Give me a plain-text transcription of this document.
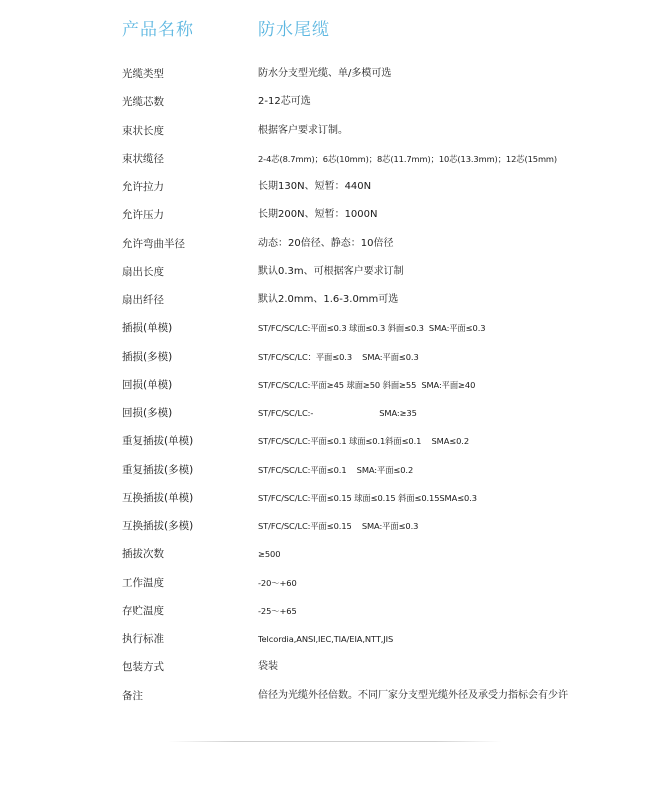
产品名称	防水尾缆
光缆类型	防水分支型光缆、单/多模可选
光缆芯数	2-12芯可选
束状长度	根据客户要求订制。
束状缆径	2-4芯(8.7mm)；6芯(10mm)；8芯(11.7mm)；10芯(13.3mm)；12芯(15mm)
允许拉力	长期130N、短暂：440N
允许压力	长期200N、短暂：1000N
允许弯曲半径	动态：20倍径、静态：10倍径
扇出长度	默认0.3m、可根据客户要求订制
扇出纤径	默认2.0mm、1.6-3.0mm可选
插损(单模)	ST/FC/SC/LC:平面≤0.3 球面≤0.3 斜面≤0.3  SMA:平面≤0.3
插损(多模)	ST/FC/SC/LC：平面≤0.3    SMA:平面≤0.3
回损(单模)	ST/FC/SC/LC:平面≥45 球面≥50 斜面≥55  SMA:平面≥40
回损(多模)	ST/FC/SC/LC:-                          SMA:≥35
重复插拔(单模)	ST/FC/SC/LC:平面≤0.1 球面≤0.1斜面≤0.1    SMA≤0.2
重复插拔(多模)	ST/FC/SC/LC:平面≤0.1    SMA:平面≤0.2
互换插拔(单模)	ST/FC/SC/LC:平面≤0.15 球面≤0.15 斜面≤0.15SMA≤0.3
互换插拔(多模)	ST/FC/SC/LC:平面≤0.15    SMA:平面≤0.3
插拔次数	≥500
工作温度	-20～+60
存贮温度	-25～+65
执行标准	Telcordia,ANSI,IEC,TIA/EIA,NTT,JIS
包装方式	袋装
备注	倍径为光缆外径倍数。不同厂家分支型光缆外径及承受力指标会有少许
